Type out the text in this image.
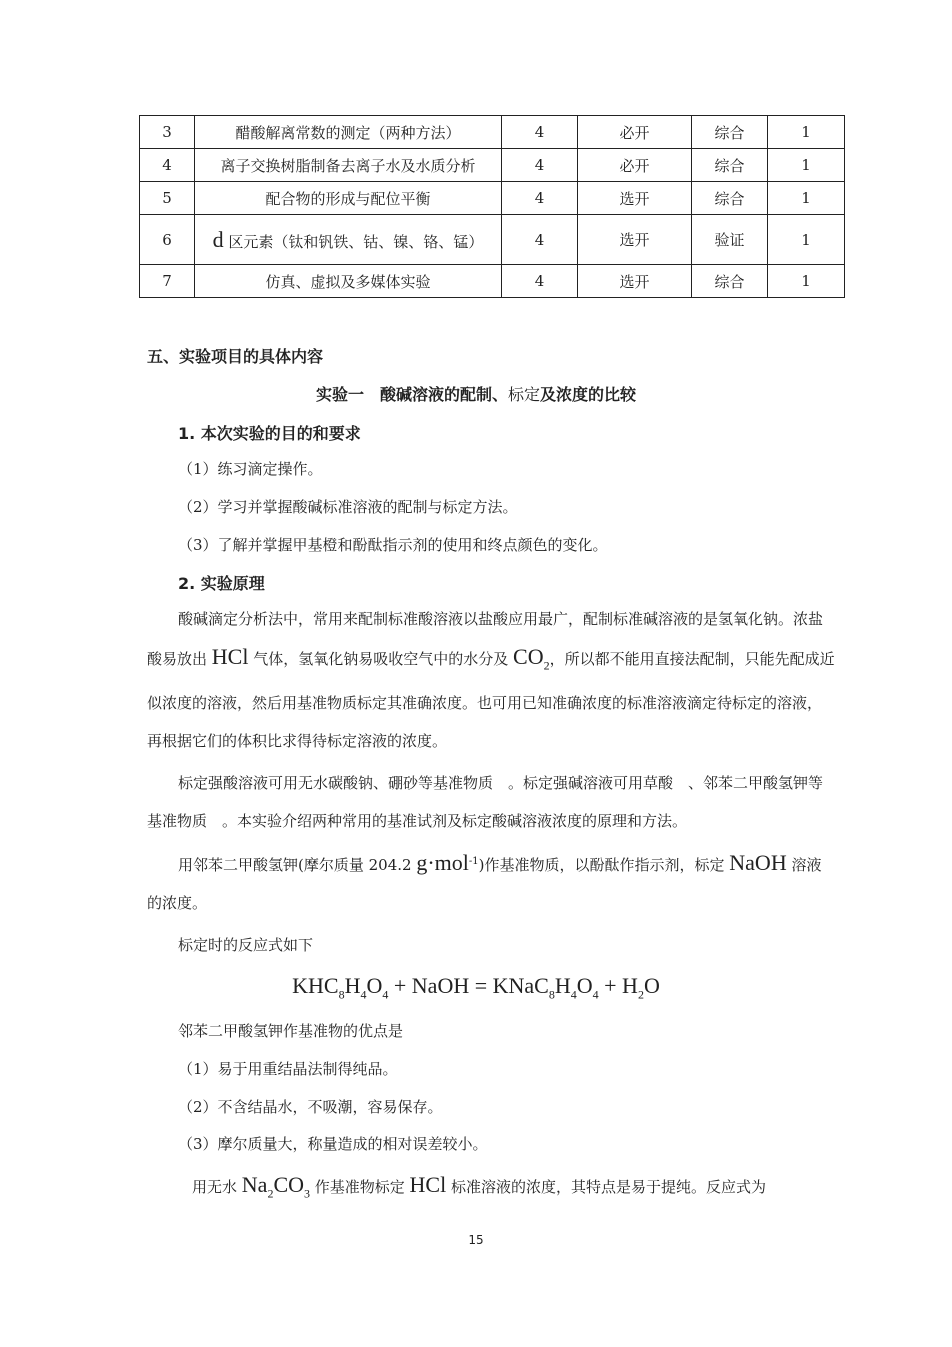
3	醋酸解离常数的测定（两种方法）	4	必开	综合	1
4	离子交换树脂制备去离子水及水质分析	4	必开	综合	1
5	配合物的形成与配位平衡	4	选开	综合	1
6	d 区元素（钛和钒铁、钴、镍、铬、锰）	4	选开	验证	1
7	仿真、虚拟及多媒体实验	4	选开	综合	1
五、实验项目的具体内容
实验一　酸碱溶液的配制、标定及浓度的比较
1. 本次实验的目的和要求
（1）练习滴定操作。
（2）学习并掌握酸碱标准溶液的配制与标定方法。
（3）了解并掌握甲基橙和酚酞指示剂的使用和终点颜色的变化。
2. 实验原理
酸碱滴定分析法中，常用来配制标准酸溶液以盐酸应用最广，配制标准碱溶液的是氢氧化钠。浓盐酸易放出 HCl 气体，氢氧化钠易吸收空气中的水分及 $CO_2$，所以都不能用直接法配制，只能先配成近似浓度的溶液，然后用基准物质标定其准确浓度。也可用已知准确浓度的标准溶液滴定待标定的溶液，再根据它们的体积比求得待标定溶液的浓度。
标定强酸溶液可用无水碳酸钠、硼砂等基准物质　。标定强碱溶液可用草酸　、邻苯二甲酸氢钾等基准物质　。本实验介绍两种常用的基准试剂及标定酸碱溶液浓度的原理和方法。
用邻苯二甲酸氢钾(摩尔质量 204.2 g·mol$^{-1}$)作基准物质，以酚酞作指示剂，标定 NaOH 溶液的浓度。
标定时的反应式如下
$KHC_8H_4O_4$ + NaOH = $KNaC_8H_4O_4 + H_2O$
邻苯二甲酸氢钾作基准物的优点是
（1）易于用重结晶法制得纯品。
（2）不含结晶水，不吸潮，容易保存。
（3）摩尔质量大，称量造成的相对误差较小。
用无水 $Na_2CO_3$ 作基准物标定 HCl 标准溶液的浓度，其特点是易于提纯。反应式为
15
